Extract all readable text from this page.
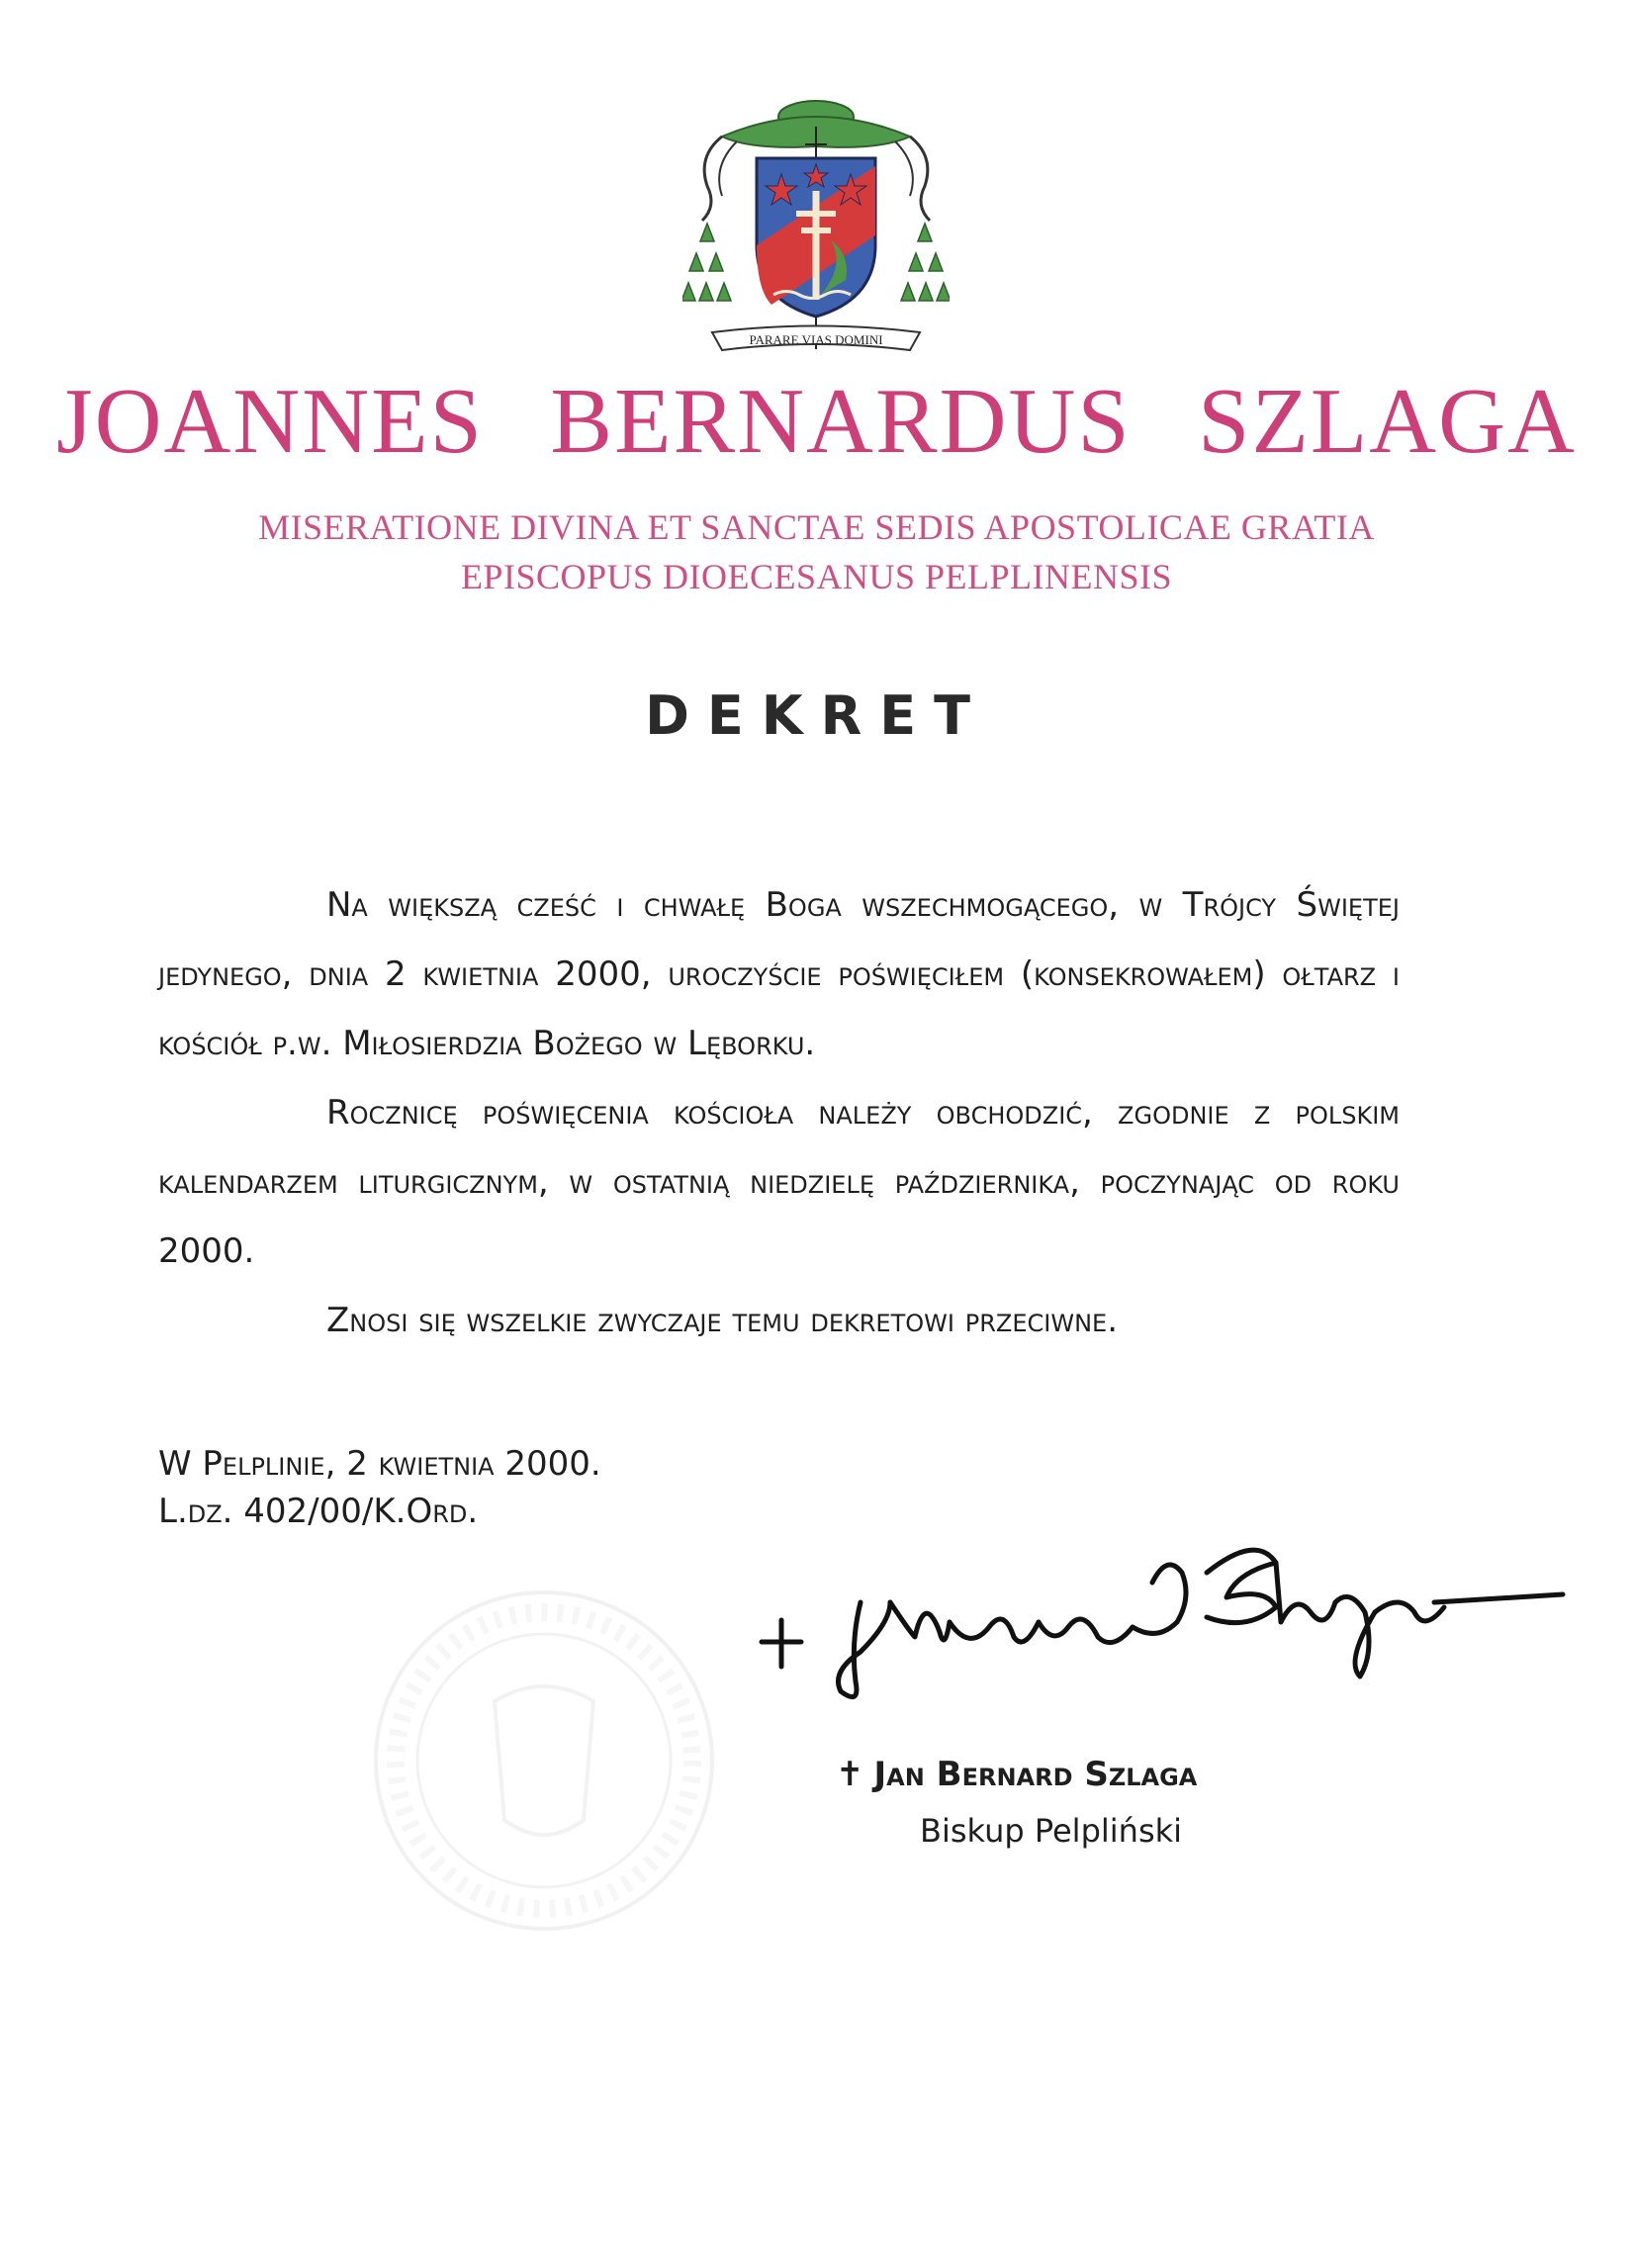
PARARE VIAS DOMINI
JOANNES BERNARDUS SZLAGA
MISERATIONE DIVINA ET SANCTAE SEDIS APOSTOLICAE GRATIA
EPISCOPUS DIOECESANUS PELPLINENSIS
DEKRET

Na większą cześć i chwałę Boga wszechmogącego, w Trójcy Świętej jedynego, dnia 2 kwietnia 2000, uroczyście poświęciłem (konsekrowałem) ołtarz i kościół p.w. Miłosierdzia Bożego w Lęborku.

Rocznicę poświęcenia kościoła należy obchodzić, zgodnie z polskim kalendarzem liturgicznym, w ostatnią niedzielę października, poczynając od roku 2000.

Znosi się wszelkie zwyczaje temu dekretowi przeciwne.

W Pelplinie, 2 kwietnia 2000.
L.dz. 402/00/K.Ord.
✝ Jan Bernard Szlaga
Biskup Pelpliński
